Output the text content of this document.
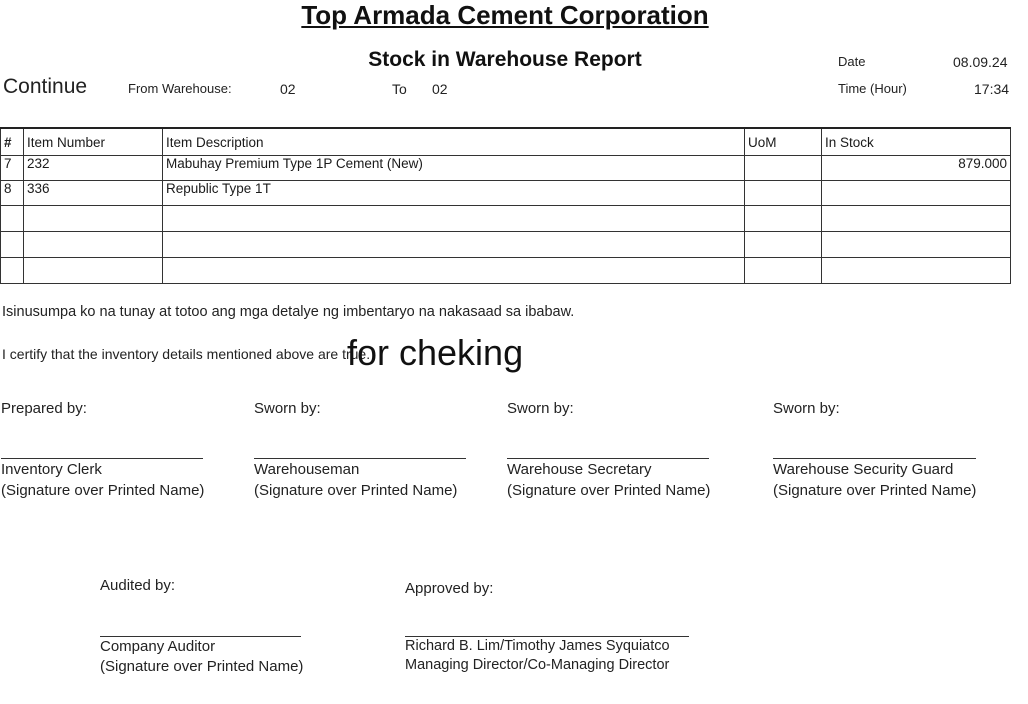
Top Armada Cement Corporation
Stock in Warehouse Report
Continue	From Warehouse:	02	To 02
Date	08.09.24
Time (Hour)	17:34
#	Item Number	Item Description	UoM	In Stock
7	232	Mabuhay Premium Type 1P Cement (New)		879.000
8	336	Republic Type 1T		

Isinusumpa ko na tunay at totoo ang mga detalye ng imbentaryo na nakasaad sa ibabaw.
I certify that the inventory details mentioned above are true.
for cheking
Prepared by:
Inventory Clerk
(Signature over Printed Name)
Sworn by:
Warehouseman
(Signature over Printed Name)
Sworn by:
Warehouse Secretary
(Signature over Printed Name)
Sworn by:
Warehouse Security Guard
(Signature over Printed Name)
Audited by:
Company Auditor
(Signature over Printed Name)
Approved by:
Richard B. Lim/Timothy James Syquiatco
Managing Director/Co-Managing Director
